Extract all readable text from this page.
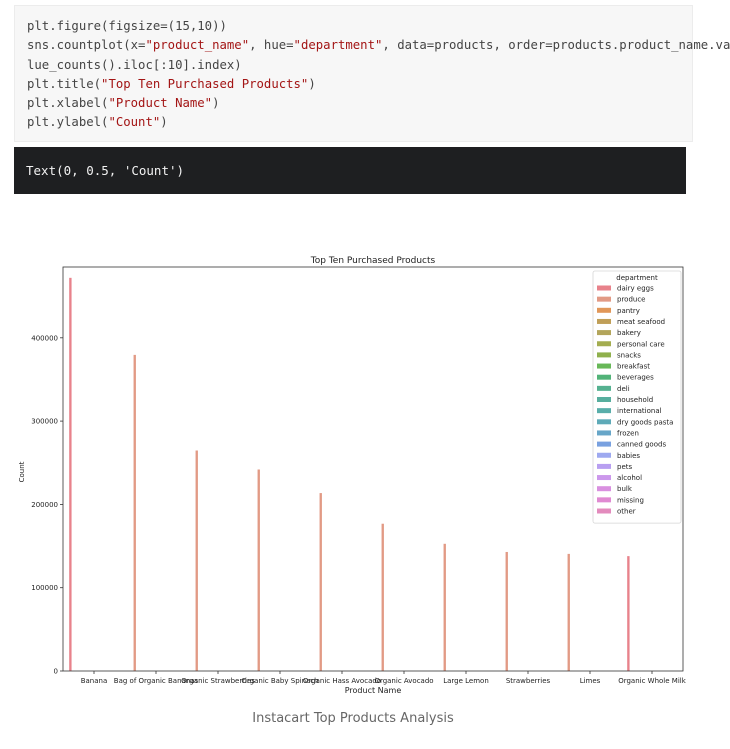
plt.figure(figsize=(15,10))
sns.countplot(x="product_name", hue="department", data=products, order=products.product_name.va
lue_counts().iloc[:10].index)
plt.title("Top Ten Purchased Products")
plt.xlabel("Product Name")
plt.ylabel("Count")
Text(0, 0.5, 'Count')
Top Ten Purchased Products
0
100000
200000
300000
400000
Banana Bag of Organic Bananas
Organic Strawberries
Organic Baby Spinach
Organic Hass Avocado
Organic Avocado Large Lemon Strawberries	Limes	Organic Whole Milk
Product Name
Count
department
dairy eggs
produce
pantry
meat seafood
bakery
personal care
snacks
breakfast
beverages
deli
household
international
dry goods pasta
frozen
canned goods
babies
pets
alcohol
bulk
missing
other
Instacart Top Products Analysis
